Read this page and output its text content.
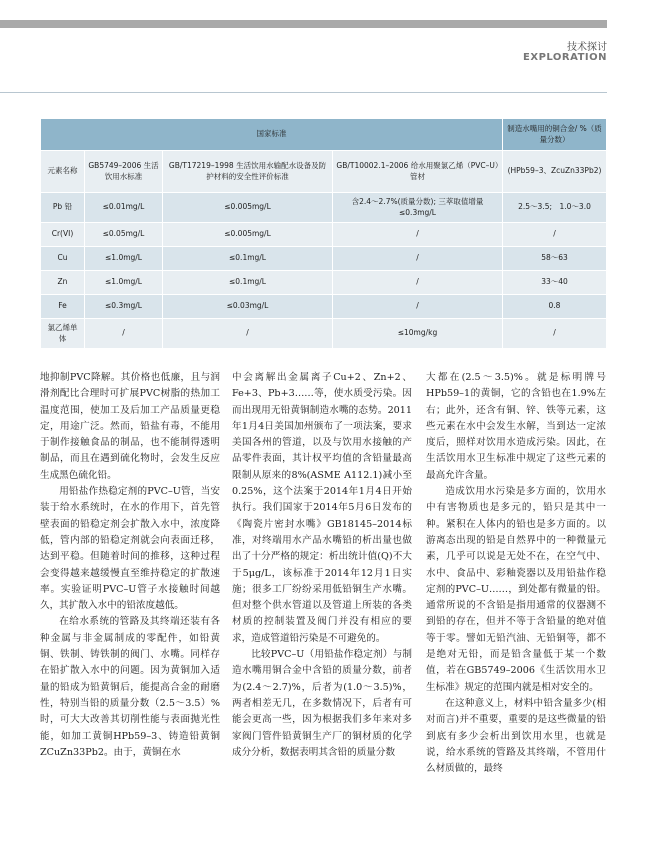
技术探讨
EXPLORATION
国家标准				制造水嘴用的铜合金/ %（质量分数）
元素名称	GB5749–2006 生活饮用水标准	GB/T17219–1998 生活饮用水输配水设备及防护材料的安全性评价标准	GB/T10002.1–2006 给水用聚氯乙烯（PVC–U）管材	(HPb59–3、ZcuZn33Pb2)
Pb 铅	≤0.01mg/L	≤0.005mg/L	含2.4～2.7%(质量分数); 三萃取值增量≤0.3mg/L	2.5～3.5;　1.0～3.0
Cr(VI)	≤0.05mg/L	≤0.005mg/L	/	/
Cu	≤1.0mg/L	≤0.1mg/L	/	58～63
Zn	≤1.0mg/L	≤0.1mg/L	/	33～40
Fe	≤0.3mg/L	≤0.03mg/L	/	0.8
氯乙烯单体	/	/	≤10mg/kg	/

地抑制PVC降解。其价格也低廉，且与润滑剂配比合理时可扩展PVC树脂的热加工温度范围，使加工及后加工产品质量更稳定，用途广泛。然而，铅盐有毒，不能用于制作接触食品的制品，也不能制得透明制品，而且在遇到硫化物时，会发生反应生成黑色硫化铅。

用铅盐作热稳定剂的PVC–U管，当安装于给水系统时，在水的作用下，首先管壁表面的铅稳定剂会扩散入水中，浓度降低，管内部的铅稳定剂就会向表面迁移，达到平稳。但随着时间的推移，这种过程会变得越来越缓慢直至维持稳定的扩散速率。实验证明PVC–U管子水接触时间越久，其扩散入水中的铅浓度越低。

在给水系统的管路及其终端还装有各种金属与非金属制成的零配件，如铅黄铜、铁制、铸铁制的阀门、水嘴。同样存在铅扩散入水中的问题。因为黄铜加入适量的铅成为铅黄铜后，能提高合金的耐磨性，特别当铅的质量分数（2.5～3.5）%时，可大大改善其切削性能与表面抛光性能，如加工黄铜HPb59–3、铸造铅黄铜ZCuZn33Pb2。由于，黄铜在水

中会离解出金属离子Cu+2、Zn+2、Fe+3、Pb+3……等，使水质受污染。因而出现用无铅黄铜制造水嘴的态势。2011年1月4日美国加州颁布了一项法案，要求美国各州的管道，以及与饮用水接触的产品零件表面，其计权平均值的含铅量最高限制从原来的8%(ASME A112.1)减小至0.25%，这个法案于2014年1月4日开始执行。我们国家于2014年5月6日发布的《陶瓷片密封水嘴》GB18145–2014标准，对终端用水产品水嘴铅的析出量也做出了十分严格的规定：析出统计值(Q)不大于5μg/L，该标准于2014年12月1日实施；很多工厂纷纷采用低铅铜生产水嘴。但对整个供水管道以及管道上所装的各类材质的控制装置及阀门并没有相应的要求，造成管道铅污染是不可避免的。

比较PVC–U（用铅盐作稳定剂）与制造水嘴用铜合金中含铅的质量分数，前者为(2.4～2.7)%，后者为(1.0～3.5)%，两者相差无几，在多数情况下，后者有可能会更高一些，因为根据我们多年来对多家阀门管件铅黄铜生产厂的铜材质的化学成分分析，数据表明其含铅的质量分数

大都在(2.5～3.5)%。就是标明牌号HPb59–1的黄铜，它的含铅也在1.9%左右；此外，还含有铜、锌、铁等元素，这些元素在水中会发生水解，当到达一定浓度后，照样对饮用水造成污染。因此，在生活饮用水卫生标准中规定了这些元素的最高允许含量。

造成饮用水污染是多方面的，饮用水中有害物质也是多元的，铅只是其中一种。紧积在人体内的铅也是多方面的。以游离态出现的铅是自然界中的一种微量元素，几乎可以说是无处不在，在空气中、水中、食品中、彩釉瓷器以及用铅盐作稳定剂的PVC–U……，到处都有微量的铅。通常所说的不含铅是指用通常的仪器测不到铅的存在，但并不等于含铅量的绝对值等于零。譬如无铅汽油、无铅铜等，都不是绝对无铅，而是铅含量低于某一个数值，若在GB5749–2006《生活饮用水卫生标准》规定的范围内就是相对安全的。

在这种意义上，材料中铅含量多少(相对而言)并不重要，重要的是这些微量的铅到底有多少会析出到饮用水里，也就是说，给水系统的管路及其终端，不管用什么材质做的，最终
